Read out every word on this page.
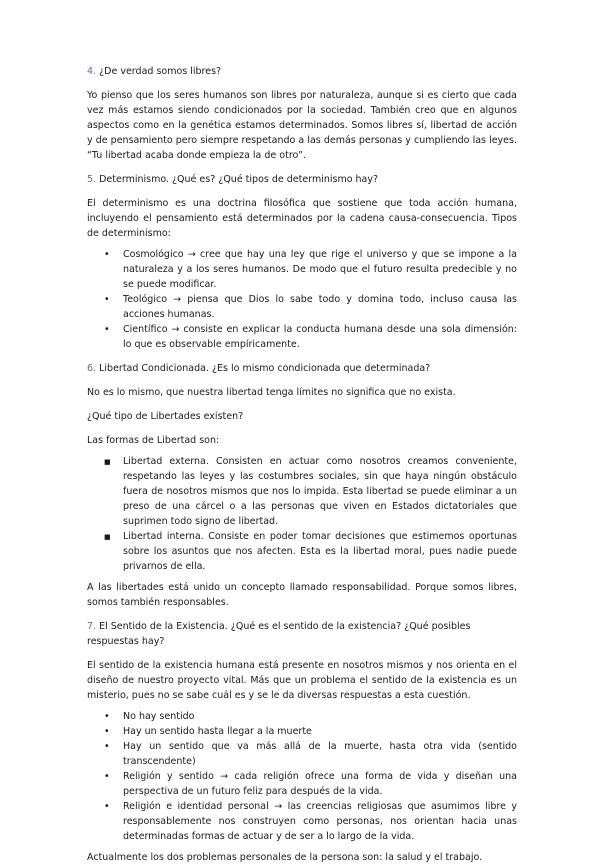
4. ¿De verdad somos libres?

Yo pienso que los seres humanos son libres por naturaleza, aunque si es cierto que cada vez más estamos siendo condicionados por la sociedad. También creo que en algunos aspectos como en la genética estamos determinados. Somos libres sí, libertad de acción y de pensamiento pero siempre respetando a las demás personas y cumpliendo las leyes. “Tu libertad acaba donde empieza la de otro”.

5. Determinismo. ¿Qué es? ¿Qué tipos de determinismo hay?

El determinismo es una doctrina filosófica que sostiene que toda acción humana, incluyendo el pensamiento está determinados por la cadena causa-consecuencia. Tipos de determinismo:

• Cosmológico → cree que hay una ley que rige el universo y que se impone a la naturaleza y a los seres humanos. De modo que el futuro resulta predecible y no se puede modificar.
• Teológico → piensa que Dios lo sabe todo y domina todo, incluso causa las acciones humanas.
• Científico → consiste en explicar la conducta humana desde una sola dimensión: lo que es observable empíricamente.

6. Libertad Condicionada. ¿Es lo mismo condicionada que determinada?

No es lo mismo, que nuestra libertad tenga límites no significa que no exista.

¿Qué tipo de Libertades existen?

Las formas de Libertad son:

■ Libertad externa. Consisten en actuar como nosotros creamos conveniente, respetando las leyes y las costumbres sociales, sin que haya ningún obstáculo fuera de nosotros mismos que nos lo impida. Esta libertad se puede eliminar a un preso de una cárcel o a las personas que viven en Estados dictatoriales que suprimen todo signo de libertad.
■ Libertad interna. Consiste en poder tomar decisiones que estimemos oportunas sobre los asuntos que nos afecten. Esta es la libertad moral, pues nadie puede privarnos de ella.

A las libertades está unido un concepto llamado responsabilidad. Porque somos libres, somos también responsables.

7. El Sentido de la Existencia. ¿Qué es el sentido de la existencia? ¿Qué posibles respuestas hay?

El sentido de la existencia humana está presente en nosotros mismos y nos orienta en el diseño de nuestro proyecto vital. Más que un problema el sentido de la existencia es un misterio, pues no se sabe cuál es y se le da diversas respuestas a esta cuestión.

• No hay sentido
• Hay un sentido hasta llegar a la muerte
• Hay un sentido que va más allá de la muerte, hasta otra vida (sentido transcendente)
• Religión y sentido → cada religión ofrece una forma de vida y diseñan una perspectiva de un futuro feliz para después de la vida.
• Religión e identidad personal → las creencias religiosas que asumimos libre y responsablemente nos construyen como personas, nos orientan hacia unas determinadas formas de actuar y de ser a lo largo de la vida.

Actualmente los dos problemas personales de la persona son: la salud y el trabajo.
